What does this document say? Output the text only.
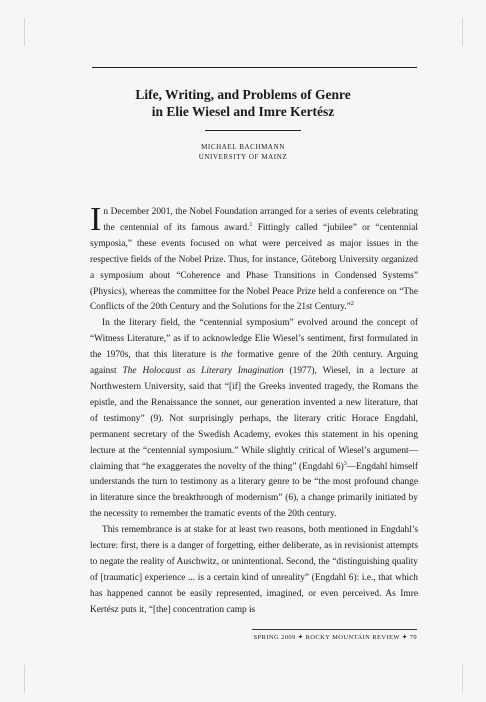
Life, Writing, and Problems of Genre
in Elie Wiesel and Imre Kertész
MICHAEL BACHMANN
UNIVERSITY OF MAINZ

In December 2001, the Nobel Foundation arranged for a series of events celebrating the centennial of its famous award.$^1$ Fittingly called “jubilee” or “centennial symposia,” these events focused on what were perceived as major issues in the respective fields of the Nobel Prize. Thus, for instance, Göteborg University organized a symposium about “Coherence and Phase Transitions in Condensed Systems” (Physics), whereas the committee for the Nobel Peace Prize held a conference on “The Conflicts of the 20th Century and the Solutions for the 21st Century.”$^2$

In the literary field, the “centennial symposium” evolved around the concept of “Witness Literature,” as if to acknowledge Elie Wiesel’s sentiment, first formulated in the 1970s, that this literature is the formative genre of the 20th century. Arguing against The Holocaust as Literary Imagination (1977), Wiesel, in a lecture at Northwestern University, said that “[if] the Greeks invented tragedy, the Romans the epistle, and the Renaissance the sonnet, our generation invented a new literature, that of testimony” (9). Not surprisingly perhaps, the literary critic Horace Engdahl, permanent secretary of the Swedish Academy, evokes this statement in his opening lecture at the “centennial symposium.” While slightly critical of Wiesel’s argument—claiming that “he exaggerates the novelty of the thing” (Engdahl 6)$^3$—Engdahl himself understands the turn to testimony as a literary genre to be “the most profound change in literature since the breakthrough of modernism” (6), a change primarily initiated by the necessity to remember the tramatic events of the 20th century.

This remembrance is at stake for at least two reasons, both mentioned in Engdahl’s lecture: first, there is a danger of forgetting, either deliberate, as in revisionist attempts to negate the reality of Auschwitz, or unintentional. Second, the “distinguishing quality of [traumatic] experience ... is a certain kind of unreality” (Engdahl 6): i.e., that which has happened cannot be easily represented, imagined, or even perceived. As Imre Kertész puts it, “[the] concentration camp is

SPRING 2009 ✦ ROCKY MOUNTAIN REVIEW ✦ 79
